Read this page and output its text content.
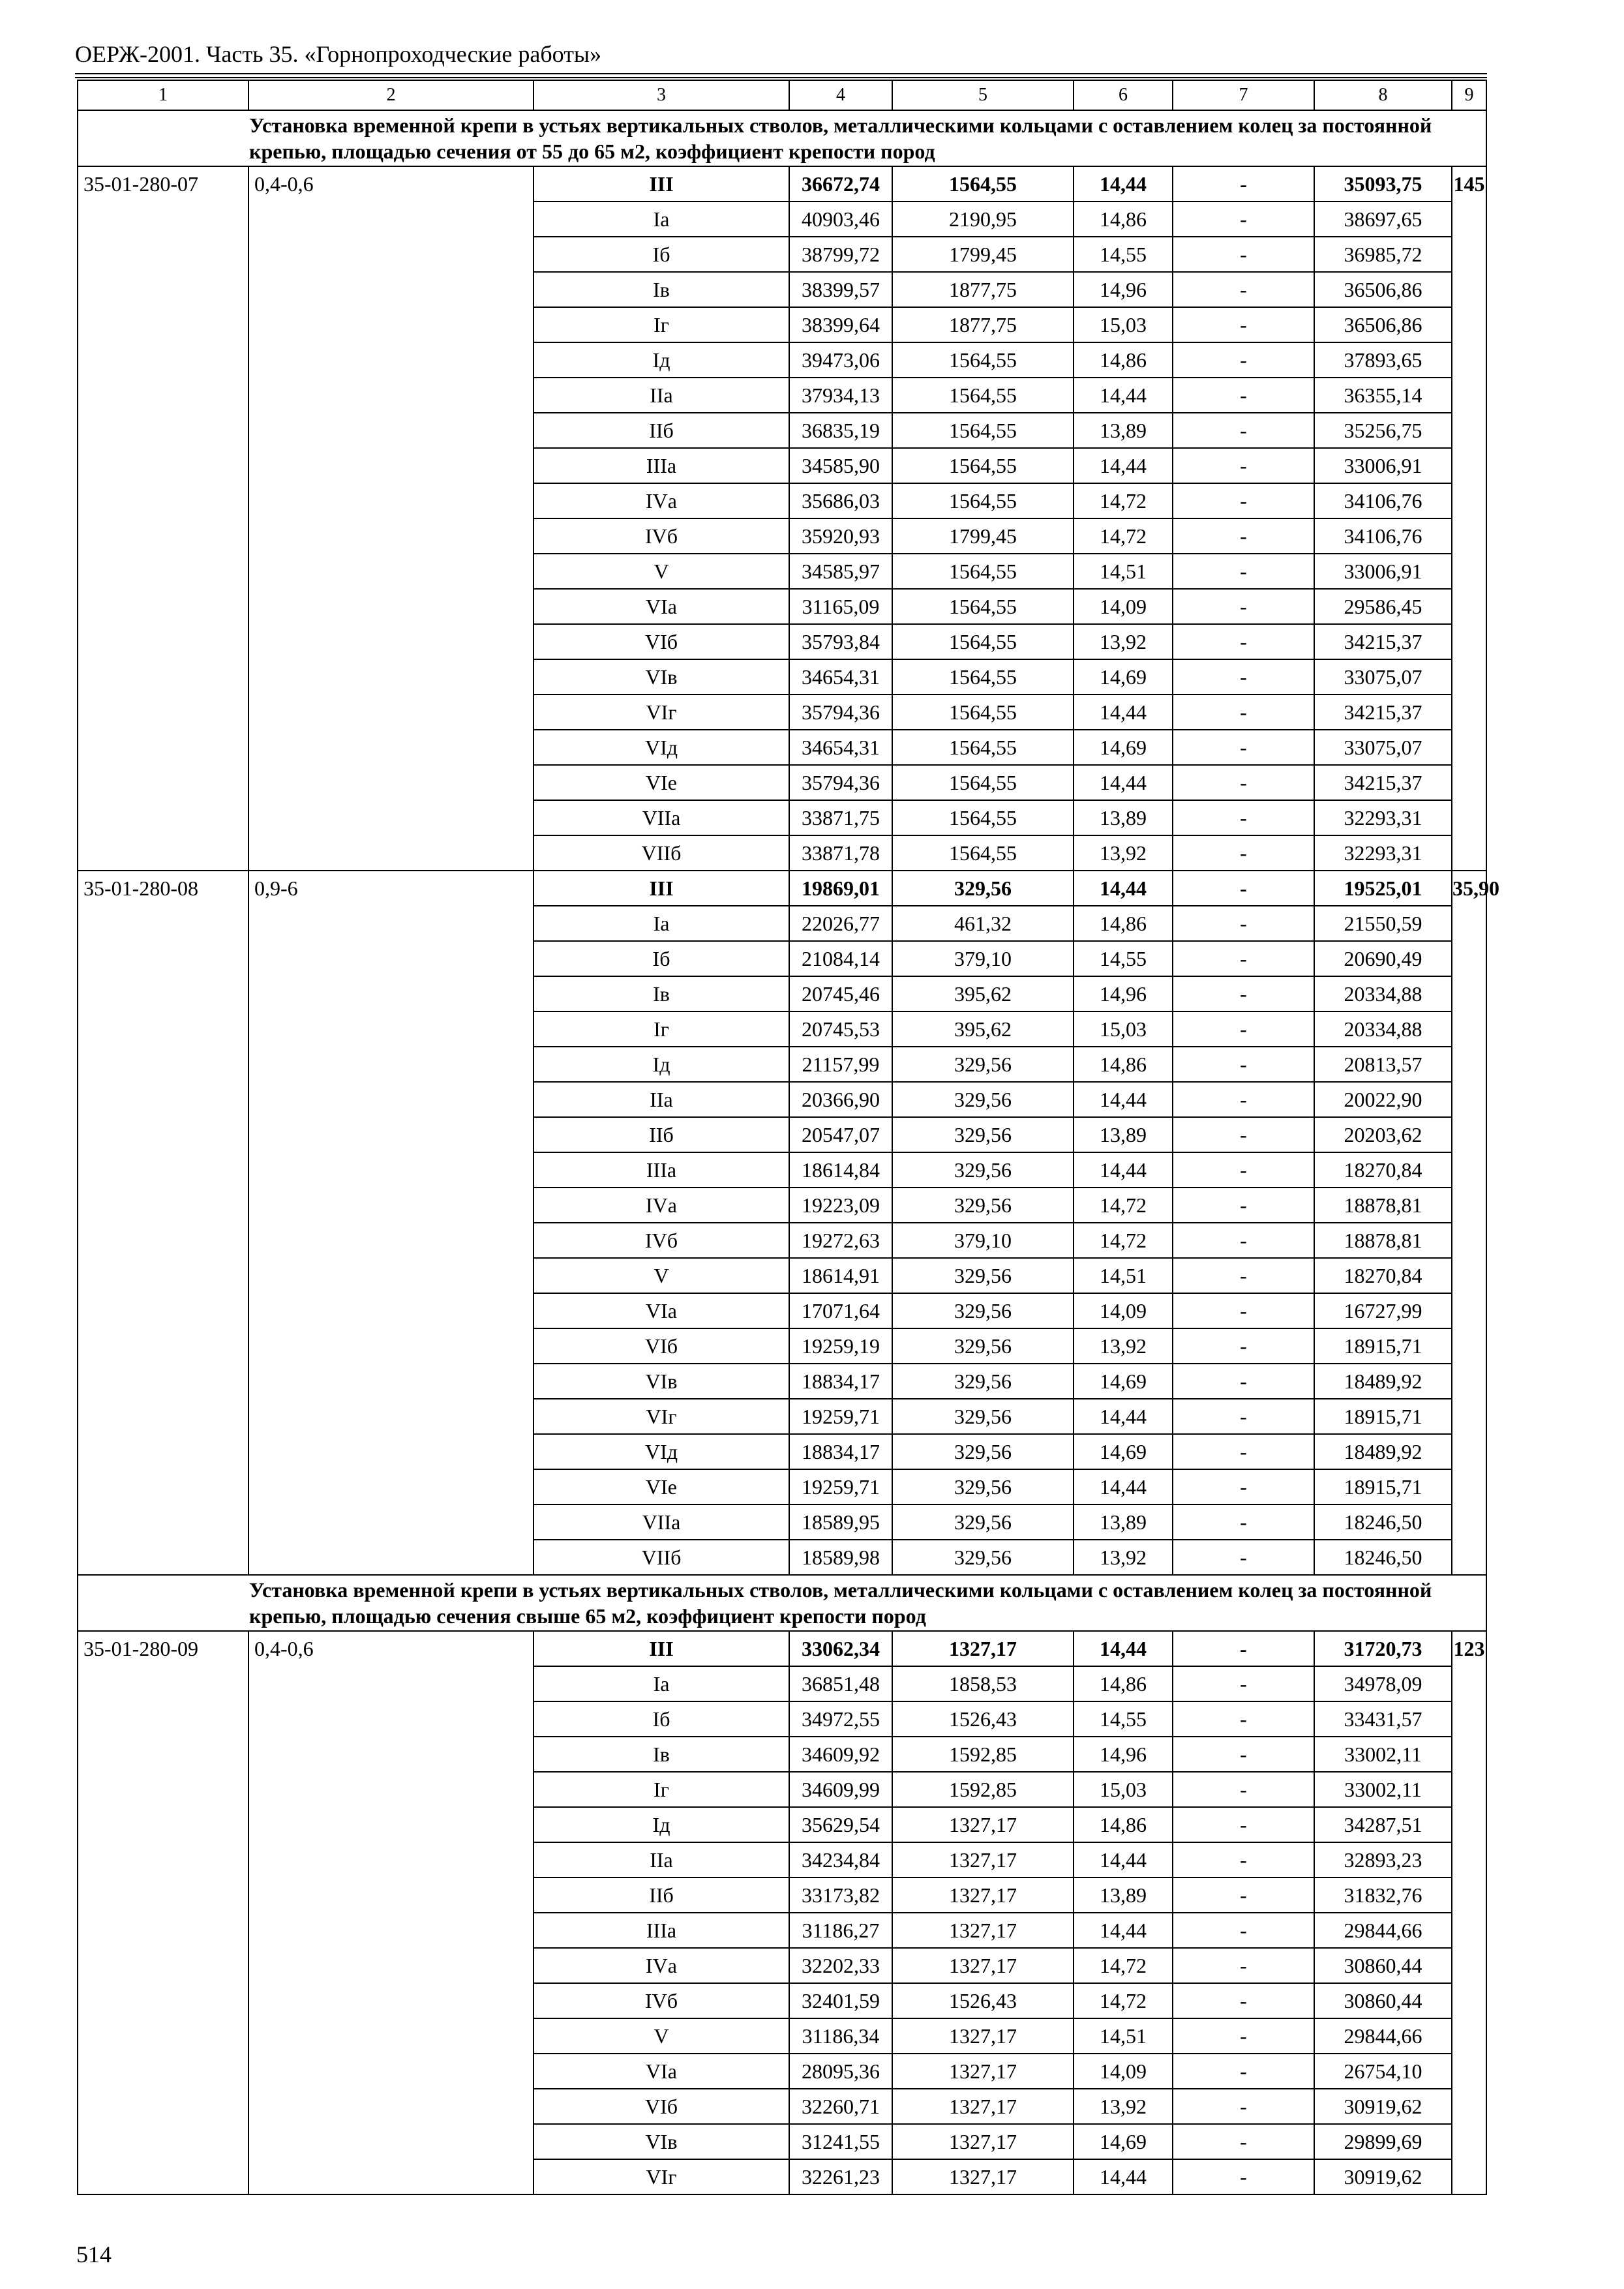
ОЕРЖ-2001. Часть 35. «Горнопроходческие работы»
1	2	3	4	5	6	7	8	9
Установка временной крепи в устьях вертикальных стволов, металлическими кольцами с оставлением колец за постоянной крепью, площадью сечения от 55 до 65 м2, коэффициент крепости пород								
35-01-280-07	0,4-0,6	III	36672,74	1564,55	14,44	-	35093,75	145
		Iа	40903,46	2190,95	14,86	-	38697,65	
		Iб	38799,72	1799,45	14,55	-	36985,72	
		Iв	38399,57	1877,75	14,96	-	36506,86	
		Iг	38399,64	1877,75	15,03	-	36506,86	
		Iд	39473,06	1564,55	14,86	-	37893,65	
		IIа	37934,13	1564,55	14,44	-	36355,14	
		IIб	36835,19	1564,55	13,89	-	35256,75	
		IIIа	34585,90	1564,55	14,44	-	33006,91	
		IVа	35686,03	1564,55	14,72	-	34106,76	
		IVб	35920,93	1799,45	14,72	-	34106,76	
		V	34585,97	1564,55	14,51	-	33006,91	
		VIа	31165,09	1564,55	14,09	-	29586,45	
		VIб	35793,84	1564,55	13,92	-	34215,37	
		VIв	34654,31	1564,55	14,69	-	33075,07	
		VIг	35794,36	1564,55	14,44	-	34215,37	
		VIд	34654,31	1564,55	14,69	-	33075,07	
		VIе	35794,36	1564,55	14,44	-	34215,37	
		VIIа	33871,75	1564,55	13,89	-	32293,31	
		VIIб	33871,78	1564,55	13,92	-	32293,31	
35-01-280-08	0,9-6	III	19869,01	329,56	14,44	-	19525,01	35,90
		Iа	22026,77	461,32	14,86	-	21550,59	
		Iб	21084,14	379,10	14,55	-	20690,49	
		Iв	20745,46	395,62	14,96	-	20334,88	
		Iг	20745,53	395,62	15,03	-	20334,88	
		Iд	21157,99	329,56	14,86	-	20813,57	
		IIа	20366,90	329,56	14,44	-	20022,90	
		IIб	20547,07	329,56	13,89	-	20203,62	
		IIIа	18614,84	329,56	14,44	-	18270,84	
		IVа	19223,09	329,56	14,72	-	18878,81	
		IVб	19272,63	379,10	14,72	-	18878,81	
		V	18614,91	329,56	14,51	-	18270,84	
		VIа	17071,64	329,56	14,09	-	16727,99	
		VIб	19259,19	329,56	13,92	-	18915,71	
		VIв	18834,17	329,56	14,69	-	18489,92	
		VIг	19259,71	329,56	14,44	-	18915,71	
		VIд	18834,17	329,56	14,69	-	18489,92	
		VIе	19259,71	329,56	14,44	-	18915,71	
		VIIа	18589,95	329,56	13,89	-	18246,50	
		VIIб	18589,98	329,56	13,92	-	18246,50	
Установка временной крепи в устьях вертикальных стволов, металлическими кольцами с оставлением колец за постоянной крепью, площадью сечения свыше 65 м2, коэффициент крепости пород								
35-01-280-09	0,4-0,6	III	33062,34	1327,17	14,44	-	31720,73	123
		Iа	36851,48	1858,53	14,86	-	34978,09	
		Iб	34972,55	1526,43	14,55	-	33431,57	
		Iв	34609,92	1592,85	14,96	-	33002,11	
		Iг	34609,99	1592,85	15,03	-	33002,11	
		Iд	35629,54	1327,17	14,86	-	34287,51	
		IIа	34234,84	1327,17	14,44	-	32893,23	
		IIб	33173,82	1327,17	13,89	-	31832,76	
		IIIа	31186,27	1327,17	14,44	-	29844,66	
		IVа	32202,33	1327,17	14,72	-	30860,44	
		IVб	32401,59	1526,43	14,72	-	30860,44	
		V	31186,34	1327,17	14,51	-	29844,66	
		VIа	28095,36	1327,17	14,09	-	26754,10	
		VIб	32260,71	1327,17	13,92	-	30919,62	
		VIв	31241,55	1327,17	14,69	-	29899,69	
		VIг	32261,23	1327,17	14,44	-	30919,62	
514
